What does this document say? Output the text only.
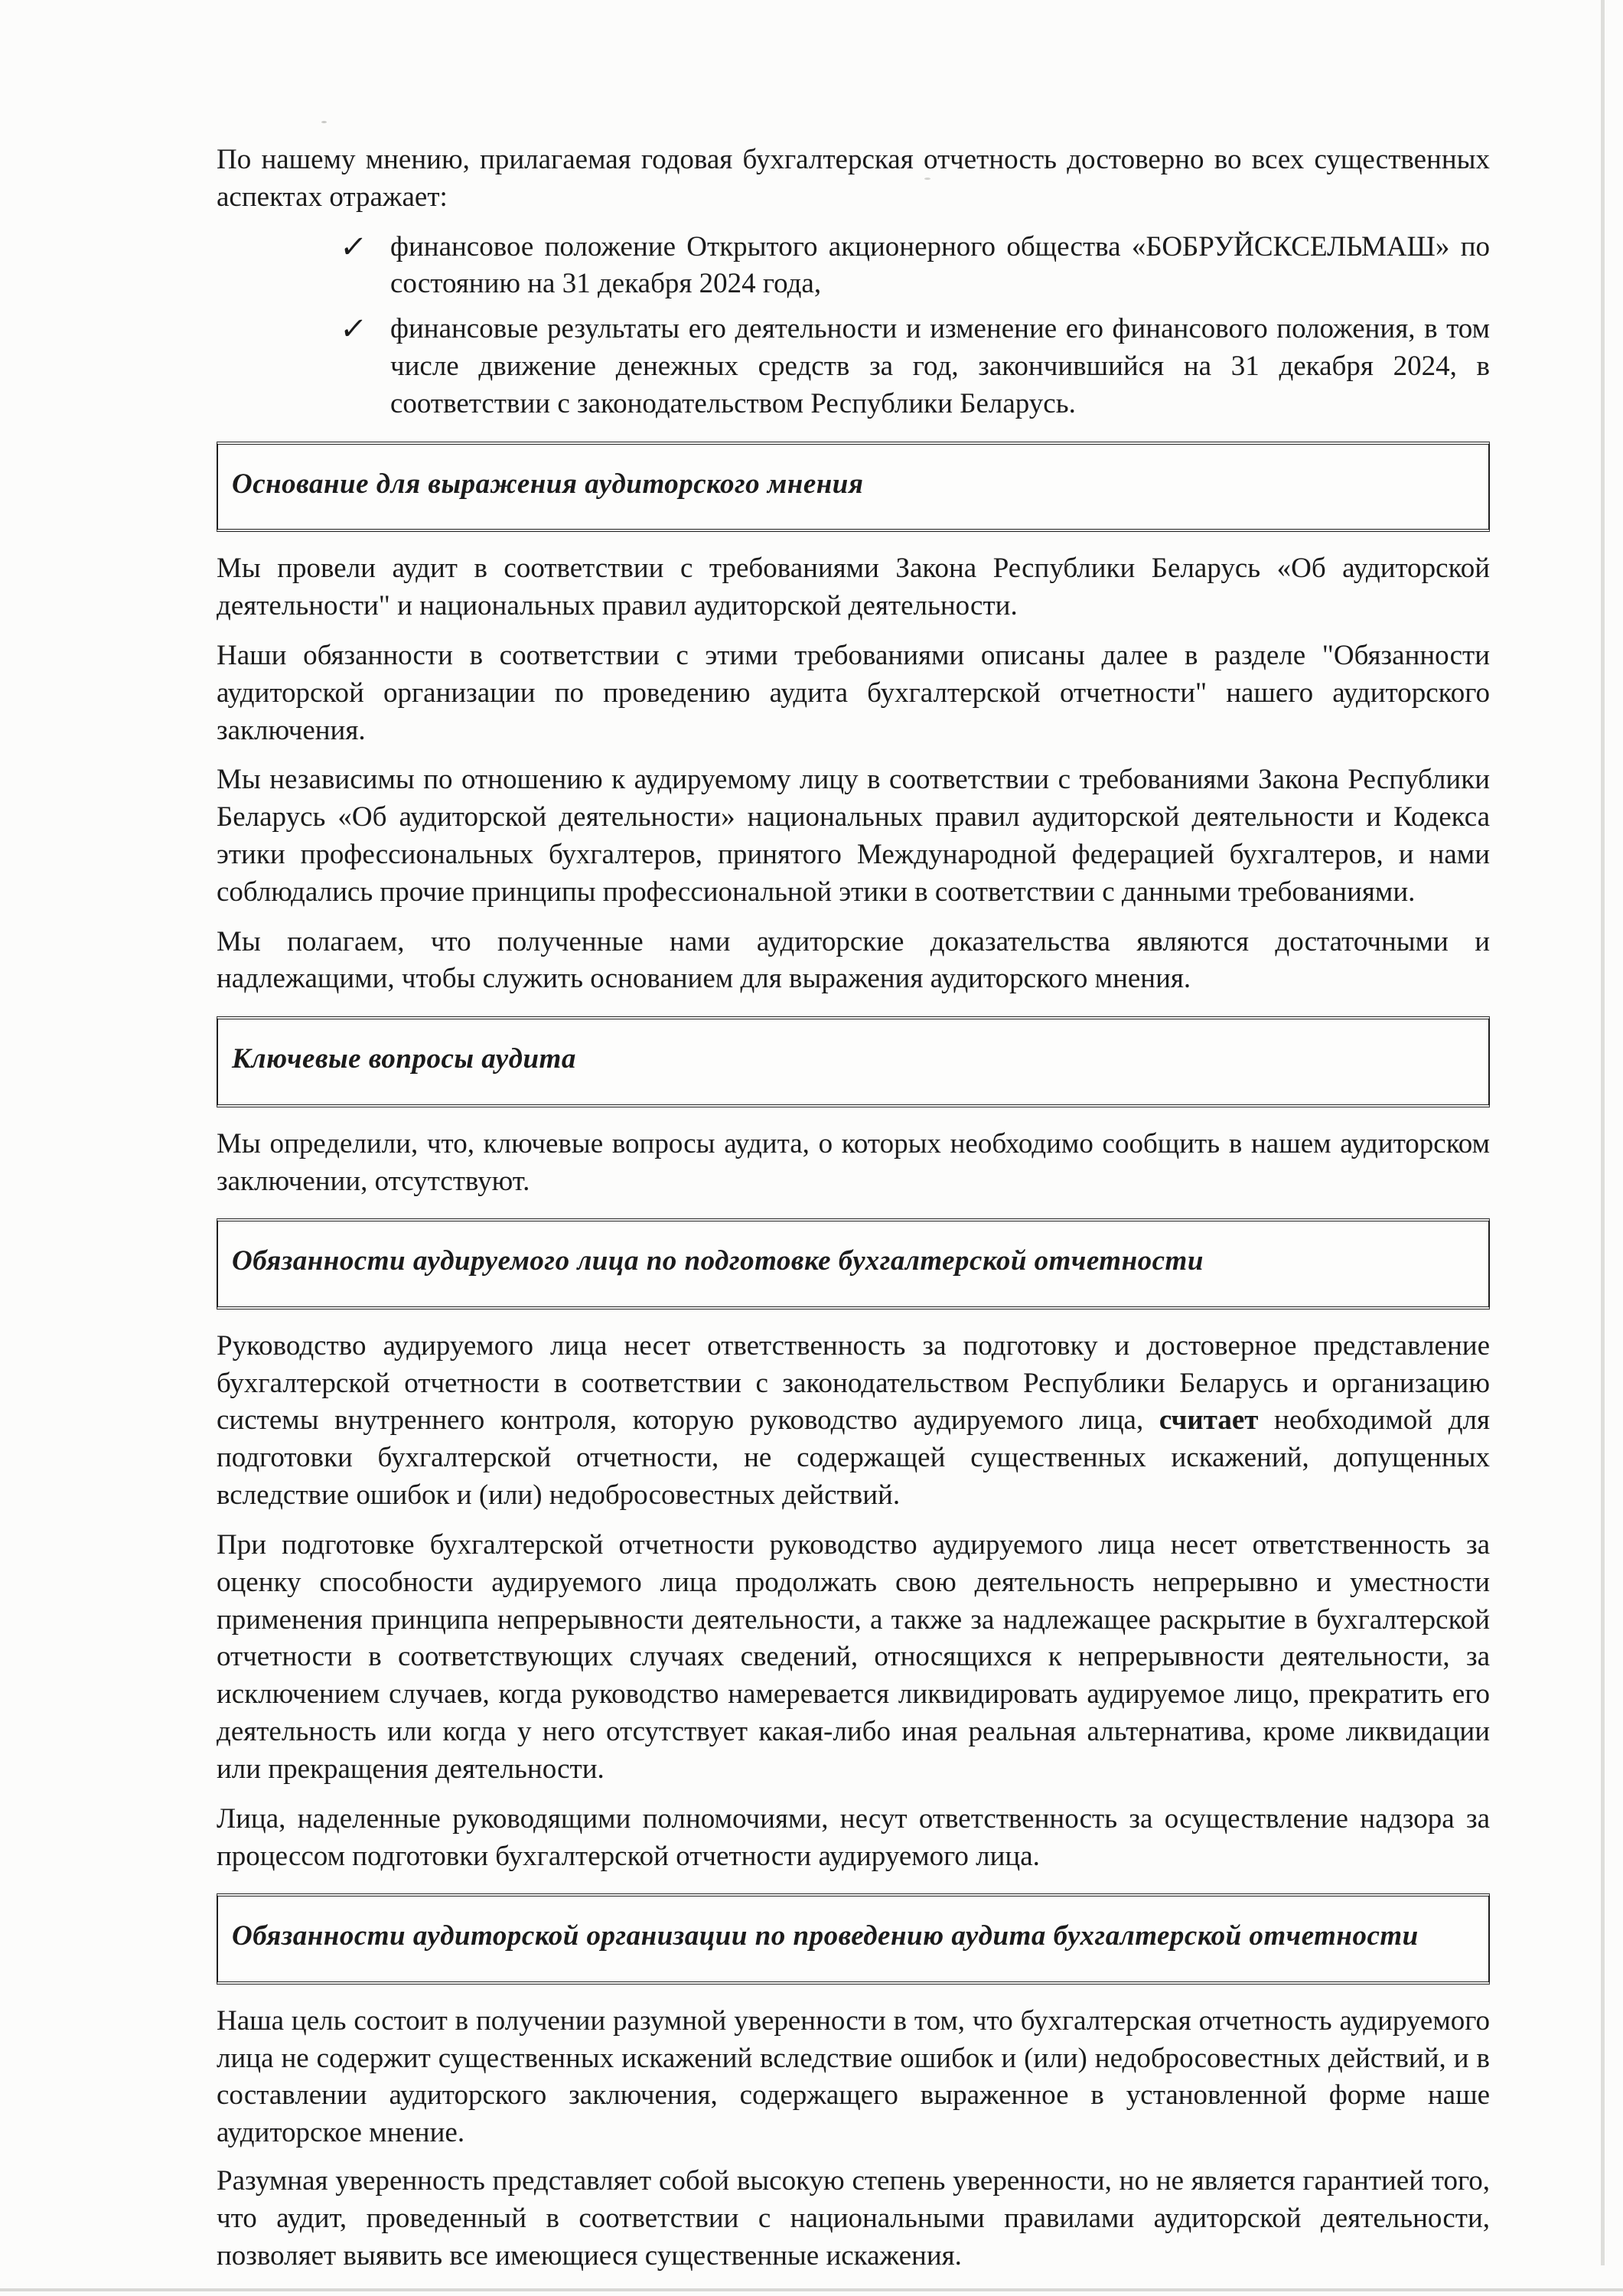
По нашему мнению, прилагаемая годовая бухгалтерская отчетность достоверно во всех существенных аспектах отражает:

✓ финансовое положение Открытого акционерного общества «БОБРУЙСКСЕЛЬМАШ» по состоянию на 31 декабря 2024 года,
✓ финансовые результаты его деятельности и изменение его финансового положения, в том числе движение денежных средств за год, закончившийся на 31 декабря 2024, в соответствии с законодательством Республики Беларусь.
Основание для выражения аудиторского мнения

Мы провели аудит в соответствии с требованиями Закона Республики Беларусь «Об аудиторской деятельности" и национальных правил аудиторской деятельности.

Наши обязанности в соответствии с этими требованиями описаны далее в разделе "Обязанности аудиторской организации по проведению аудита бухгалтерской отчетности" нашего аудиторского заключения.

Мы независимы по отношению к аудируемому лицу в соответствии с требованиями Закона Республики Беларусь «Об аудиторской деятельности» национальных правил аудиторской деятельности и Кодекса этики профессиональных бухгалтеров, принятого Международной федерацией бухгалтеров, и нами соблюдались прочие принципы профессиональной этики в соответствии с данными требованиями.

Мы полагаем, что полученные нами аудиторские доказательства являются достаточными и надлежащими, чтобы служить основанием для выражения аудиторского мнения.

Ключевые вопросы аудита

Мы определили, что, ключевые вопросы аудита, о которых необходимо сообщить в нашем аудиторском заключении, отсутствуют.

Обязанности аудируемого лица по подготовке бухгалтерской отчетности

Руководство аудируемого лица несет ответственность за подготовку и достоверное представление бухгалтерской отчетности в соответствии с законодательством Республики Беларусь и организацию системы внутреннего контроля, которую руководство аудируемого лица, считает необходимой для подготовки бухгалтерской отчетности, не содержащей существенных искажений, допущенных вследствие ошибок и (или) недобросовестных действий.

При подготовке бухгалтерской отчетности руководство аудируемого лица несет ответственность за оценку способности аудируемого лица продолжать свою деятельность непрерывно и уместности применения принципа непрерывности деятельности, а также за надлежащее раскрытие в бухгалтерской отчетности в соответствующих случаях сведений, относящихся к непрерывности деятельности, за исключением случаев, когда руководство намеревается ликвидировать аудируемое лицо, прекратить его деятельность или когда у него отсутствует какая-либо иная реальная альтернатива, кроме ликвидации или прекращения деятельности.

Лица, наделенные руководящими полномочиями, несут ответственность за осуществление надзора за процессом подготовки бухгалтерской отчетности аудируемого лица.

Обязанности аудиторской организации по проведению аудита бухгалтерской отчетности

Наша цель состоит в получении разумной уверенности в том, что бухгалтерская отчетность аудируемого лица не содержит существенных искажений вследствие ошибок и (или) недобросовестных действий, и в составлении аудиторского заключения, содержащего выраженное в установленной форме наше аудиторское мнение.

Разумная уверенность представляет собой высокую степень уверенности, но не является гарантией того, что аудит, проведенный в соответствии с национальными правилами аудиторской деятельности, позволяет выявить все имеющиеся существенные искажения.
